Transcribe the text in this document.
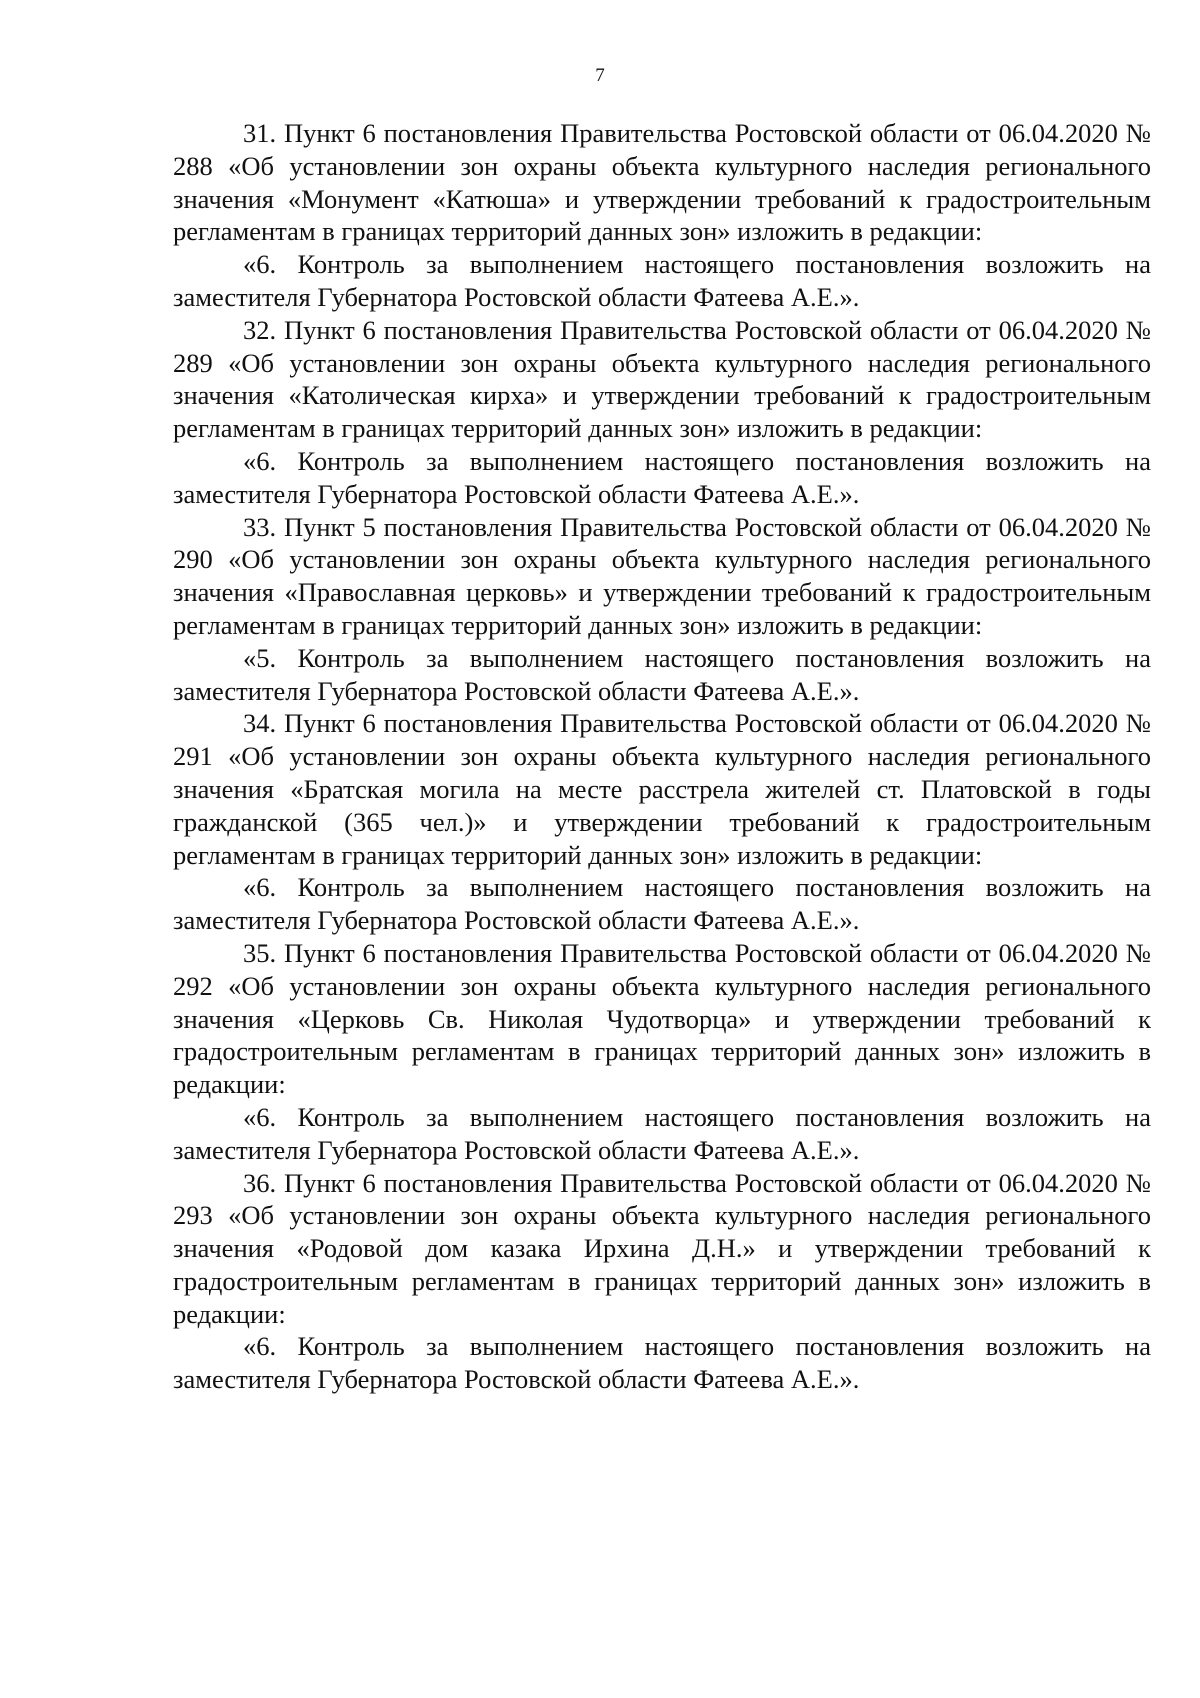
7

31. Пункт 6 постановления Правительства Ростовской области от 06.04.2020 № 288 «Об установлении зон охраны объекта культурного наследия регионального значения «Монумент «Катюша» и утверждении требований к градостроительным регламентам в границах территорий данных зон» изложить в редакции:

«6. Контроль за выполнением настоящего постановления возложить на заместителя Губернатора Ростовской области Фатеева А.Е.».

32. Пункт 6 постановления Правительства Ростовской области от 06.04.2020 № 289 «Об установлении зон охраны объекта культурного наследия регионального значения «Католическая кирха» и утверждении требований к градостроительным регламентам в границах территорий данных зон» изложить в редакции:

«6. Контроль за выполнением настоящего постановления возложить на заместителя Губернатора Ростовской области Фатеева А.Е.».

33. Пункт 5 постановления Правительства Ростовской области от 06.04.2020 № 290 «Об установлении зон охраны объекта культурного наследия регионального значения «Православная церковь» и утверждении требований к градостроительным регламентам в границах территорий данных зон» изложить в редакции:

«5. Контроль за выполнением настоящего постановления возложить на заместителя Губернатора Ростовской области Фатеева А.Е.».

34. Пункт 6 постановления Правительства Ростовской области от 06.04.2020 № 291 «Об установлении зон охраны объекта культурного наследия регионального значения «Братская могила на месте расстрела жителей ст. Платовской в годы гражданской (365 чел.)» и утверждении требований к градостроительным регламентам в границах территорий данных зон» изложить в редакции:

«6. Контроль за выполнением настоящего постановления возложить на заместителя Губернатора Ростовской области Фатеева А.Е.».

35. Пункт 6 постановления Правительства Ростовской области от 06.04.2020 № 292 «Об установлении зон охраны объекта культурного наследия регионального значения «Церковь Св. Николая Чудотворца» и утверждении требований к градостроительным регламентам в границах территорий данных зон» изложить в редакции:

«6. Контроль за выполнением настоящего постановления возложить на заместителя Губернатора Ростовской области Фатеева А.Е.».

36. Пункт 6 постановления Правительства Ростовской области от 06.04.2020 № 293 «Об установлении зон охраны объекта культурного наследия регионального значения «Родовой дом казака Ирхина Д.Н.» и утверждении требований к градостроительным регламентам в границах территорий данных зон» изложить в редакции:

«6. Контроль за выполнением настоящего постановления возложить на заместителя Губернатора Ростовской области Фатеева А.Е.».
